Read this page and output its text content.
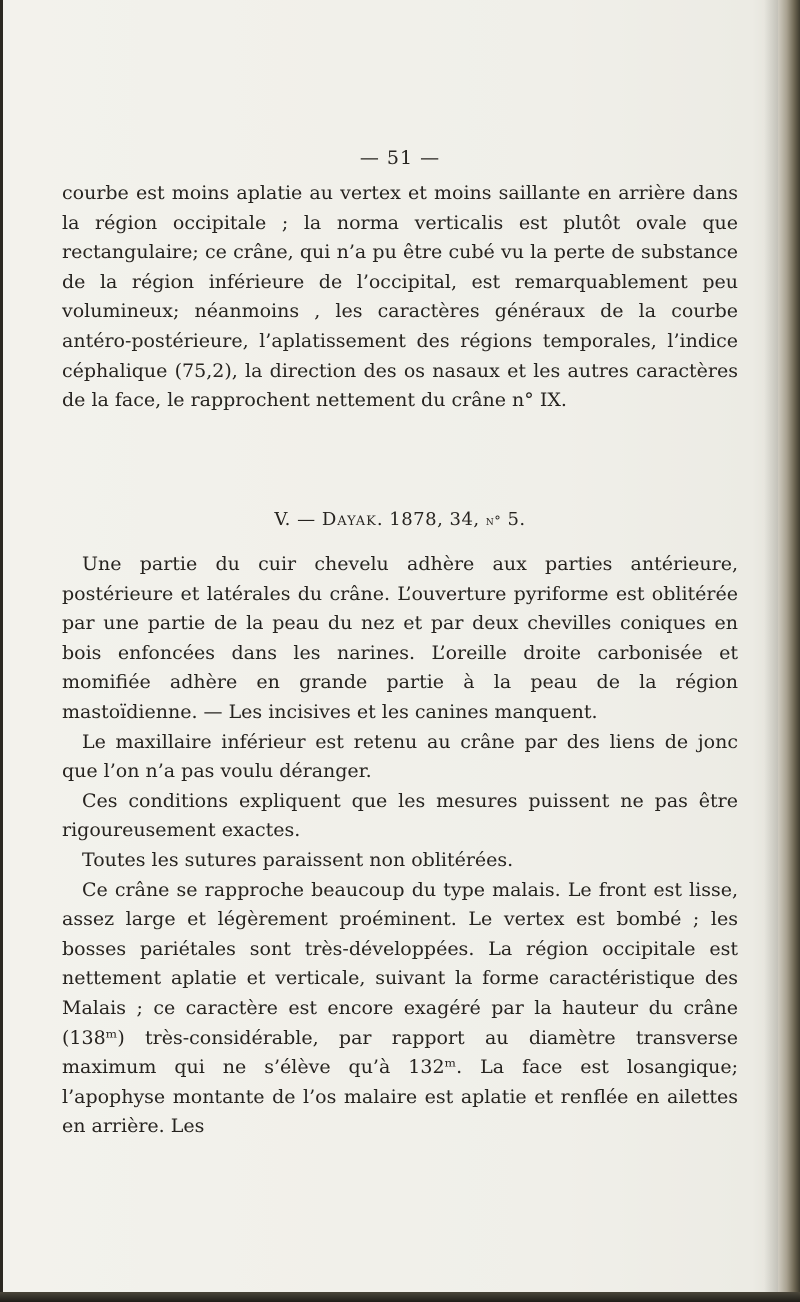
— 51 —

courbe est moins aplatie au vertex et moins saillante en arrière dans la région occipitale ; la norma verticalis est plutôt ovale que rectangulaire; ce crâne, qui n’a pu être cubé vu la perte de substance de la région inférieure de l’occipital, est remarquablement peu volumineux; néanmoins , les caractères généraux de la courbe antéro-postérieure, l’aplatissement des régions temporales, l’indice céphalique (75,2), la direction des os nasaux et les autres caractères de la face, le rapprochent nettement du crâne n° IX.

V. — Dayak. 1878, 34, n° 5.

Une partie du cuir chevelu adhère aux parties antérieure, postérieure et latérales du crâne. L’ouverture pyriforme est oblitérée par une partie de la peau du nez et par deux chevilles coniques en bois enfoncées dans les narines. L’oreille droite carbonisée et momifiée adhère en grande partie à la peau de la région mastoïdienne. — Les incisives et les canines manquent.

Le maxillaire inférieur est retenu au crâne par des liens de jonc que l’on n’a pas voulu déranger.

Ces conditions expliquent que les mesures puissent ne pas être rigoureusement exactes.

Toutes les sutures paraissent non oblitérées.

Ce crâne se rapproche beaucoup du type malais. Le front est lisse, assez large et légèrement proéminent. Le vertex est bombé ; les bosses pariétales sont très-développées. La région occipitale est nettement aplatie et verticale, suivant la forme caractéristique des Malais ; ce caractère est encore exagéré par la hauteur du crâne (138ᵐ) très-considérable, par rapport au diamètre transverse maximum qui ne s’élève qu’à 132ᵐ. La face est losangique; l’apophyse montante de l’os malaire est aplatie et renflée en ailettes en arrière. Les
